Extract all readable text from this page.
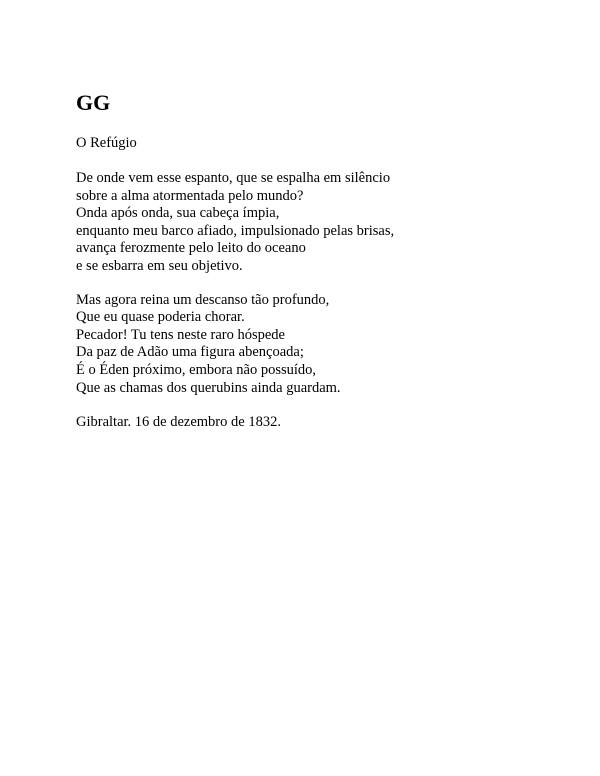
GG
O Refúgio
De onde vem esse espanto, que se espalha em silêncio
sobre a alma atormentada pelo mundo?
Onda após onda, sua cabeça ímpia,
enquanto meu barco afiado, impulsionado pelas brisas,
avança ferozmente pelo leito do oceano
e se esbarra em seu objetivo.
Mas agora reina um descanso tão profundo,
Que eu quase poderia chorar.
Pecador! Tu tens neste raro hóspede
Da paz de Adão uma figura abençoada;
É o Éden próximo, embora não possuído,
Que as chamas dos querubins ainda guardam.

Gibraltar. 16 de dezembro de 1832.
